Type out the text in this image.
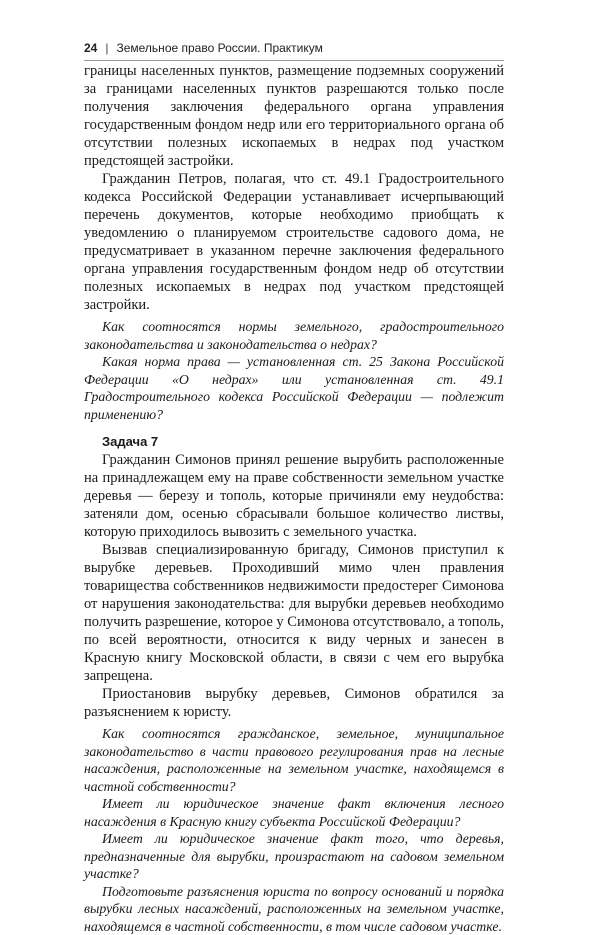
24 | Земельное право России. Практикум

границы населенных пунктов, размещение подземных сооружений за границами населенных пунктов разрешаются только после получения заключения федерального органа управления государственным фондом недр или его территориального органа об отсутствии полезных ископаемых в недрах под участком предстоящей застройки.

Гражданин Петров, полагая, что ст. 49.1 Градостроительного кодекса Российской Федерации устанавливает исчерпывающий перечень документов, которые необходимо приобщать к уведомлению о планируемом строительстве садового дома, не предусматривает в указанном перечне заключения федерального органа управления государственным фондом недр об отсутствии полезных ископаемых в недрах под участком предстоящей застройки.

Как соотносятся нормы земельного, градостроительного законодательства и законодательства о недрах?

Какая норма права — установленная ст. 25 Закона Российской Федерации «О недрах» или установленная ст. 49.1 Градостроительного кодекса Российской Федерации — подлежит применению?

Задача 7

Гражданин Симонов принял решение вырубить расположенные на принадлежащем ему на праве собственности земельном участке деревья — березу и тополь, которые причиняли ему неудобства: затеняли дом, осенью сбрасывали большое количество листвы, которую приходилось вывозить с земельного участка.

Вызвав специализированную бригаду, Симонов приступил к вырубке деревьев. Проходивший мимо член правления товарищества собственников недвижимости предостерег Симонова от нарушения законодательства: для вырубки деревьев необходимо получить разрешение, которое у Симонова отсутствовало, а тополь, по всей вероятности, относится к виду черных и занесен в Красную книгу Московской области, в связи с чем его вырубка запрещена.

Приостановив вырубку деревьев, Симонов обратился за разъяснением к юристу.

Как соотносятся гражданское, земельное, муниципальное законодательство в части правового регулирования прав на лесные насаждения, расположенные на земельном участке, находящемся в частной собственности?

Имеет ли юридическое значение факт включения лесного насаждения в Красную книгу субъекта Российской Федерации?

Имеет ли юридическое значение факт того, что деревья, предназначенные для вырубки, произрастают на садовом земельном участке?

Подготовьте разъяснения юриста по вопросу оснований и порядка вырубки лесных насаждений, расположенных на земельном участке, находящемся в частной собственности, в том числе садовом участке.
